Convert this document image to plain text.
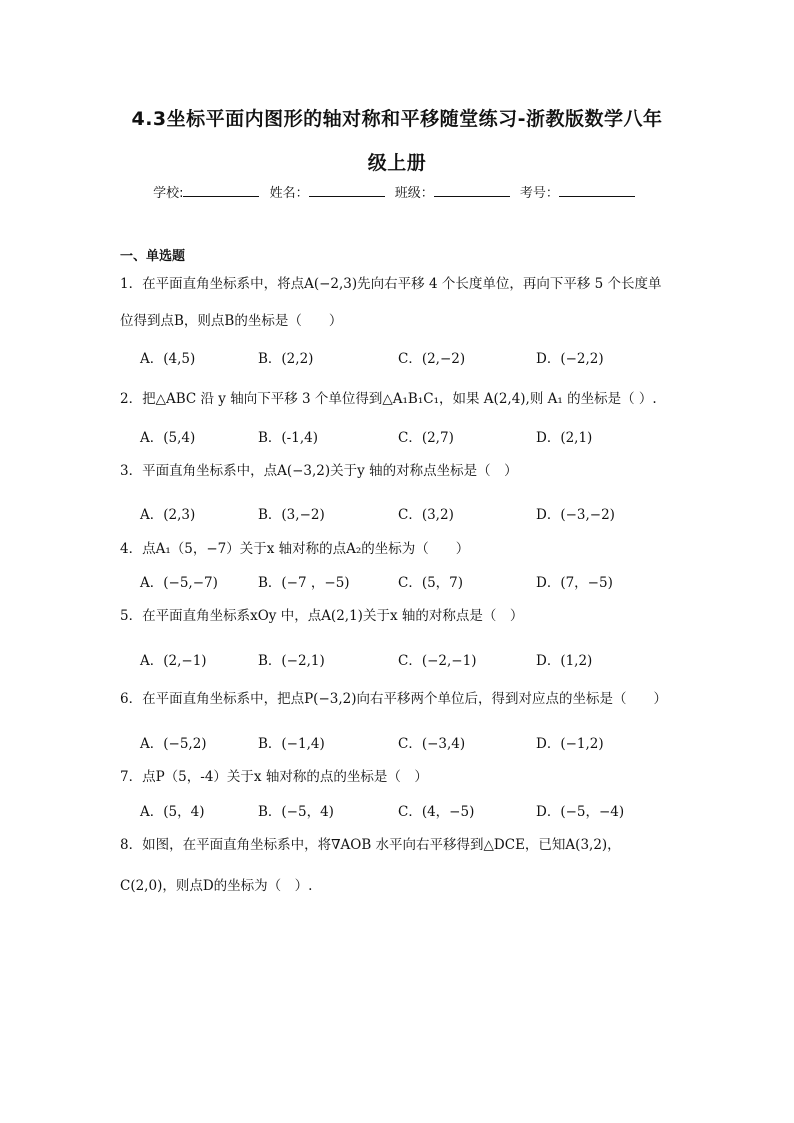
4.3坐标平面内图形的轴对称和平移随堂练习-浙教版数学八年
级上册
学校:	姓名：	班级：	考号：
一、单选题
1．在平面直角坐标系中，将点A(−2,3)先向右平移 4 个长度单位，再向下平移 5 个长度单
位得到点B，则点B的坐标是（　　）
A．(4,5)	B．(2,2)	C．(2,−2)	D．(−2,2)
2．把△ABC 沿 y 轴向下平移 3 个单位得到△A₁B₁C₁，如果 A(2,4),则 A₁ 的坐标是（ ）.
A．(5,4)	B．(-1,4)	C．(2,7)	D．(2,1)
3．平面直角坐标系中，点A(−3,2)关于y 轴的对称点坐标是（　）
A．(2,3)	B．(3,−2)	C．(3,2)	D．(−3,−2)
4．点A₁（5，−7）关于x 轴对称的点A₂的坐标为（　　）
A．(−5,−7)	B．(−7 ，−5)	C．(5，7)	D．(7，−5)
5．在平面直角坐标系xOy 中，点A(2,1)关于x 轴的对称点是（　）
A．(2,−1)	B．(−2,1)	C．(−2,−1)	D．(1,2)
6．在平面直角坐标系中，把点P(−3,2)向右平移两个单位后，得到对应点的坐标是（　　）
A．(−5,2)	B．(−1,4)	C．(−3,4)	D．(−1,2)
7．点P（5，-4）关于x 轴对称的点的坐标是（　）
A．(5，4)	B．(−5，4)	C．(4，−5)	D．(−5，−4)
8．如图，在平面直角坐标系中，将∇AOB 水平向右平移得到△DCE，已知A(3,2)，
C(2,0)，则点D的坐标为（　）.
